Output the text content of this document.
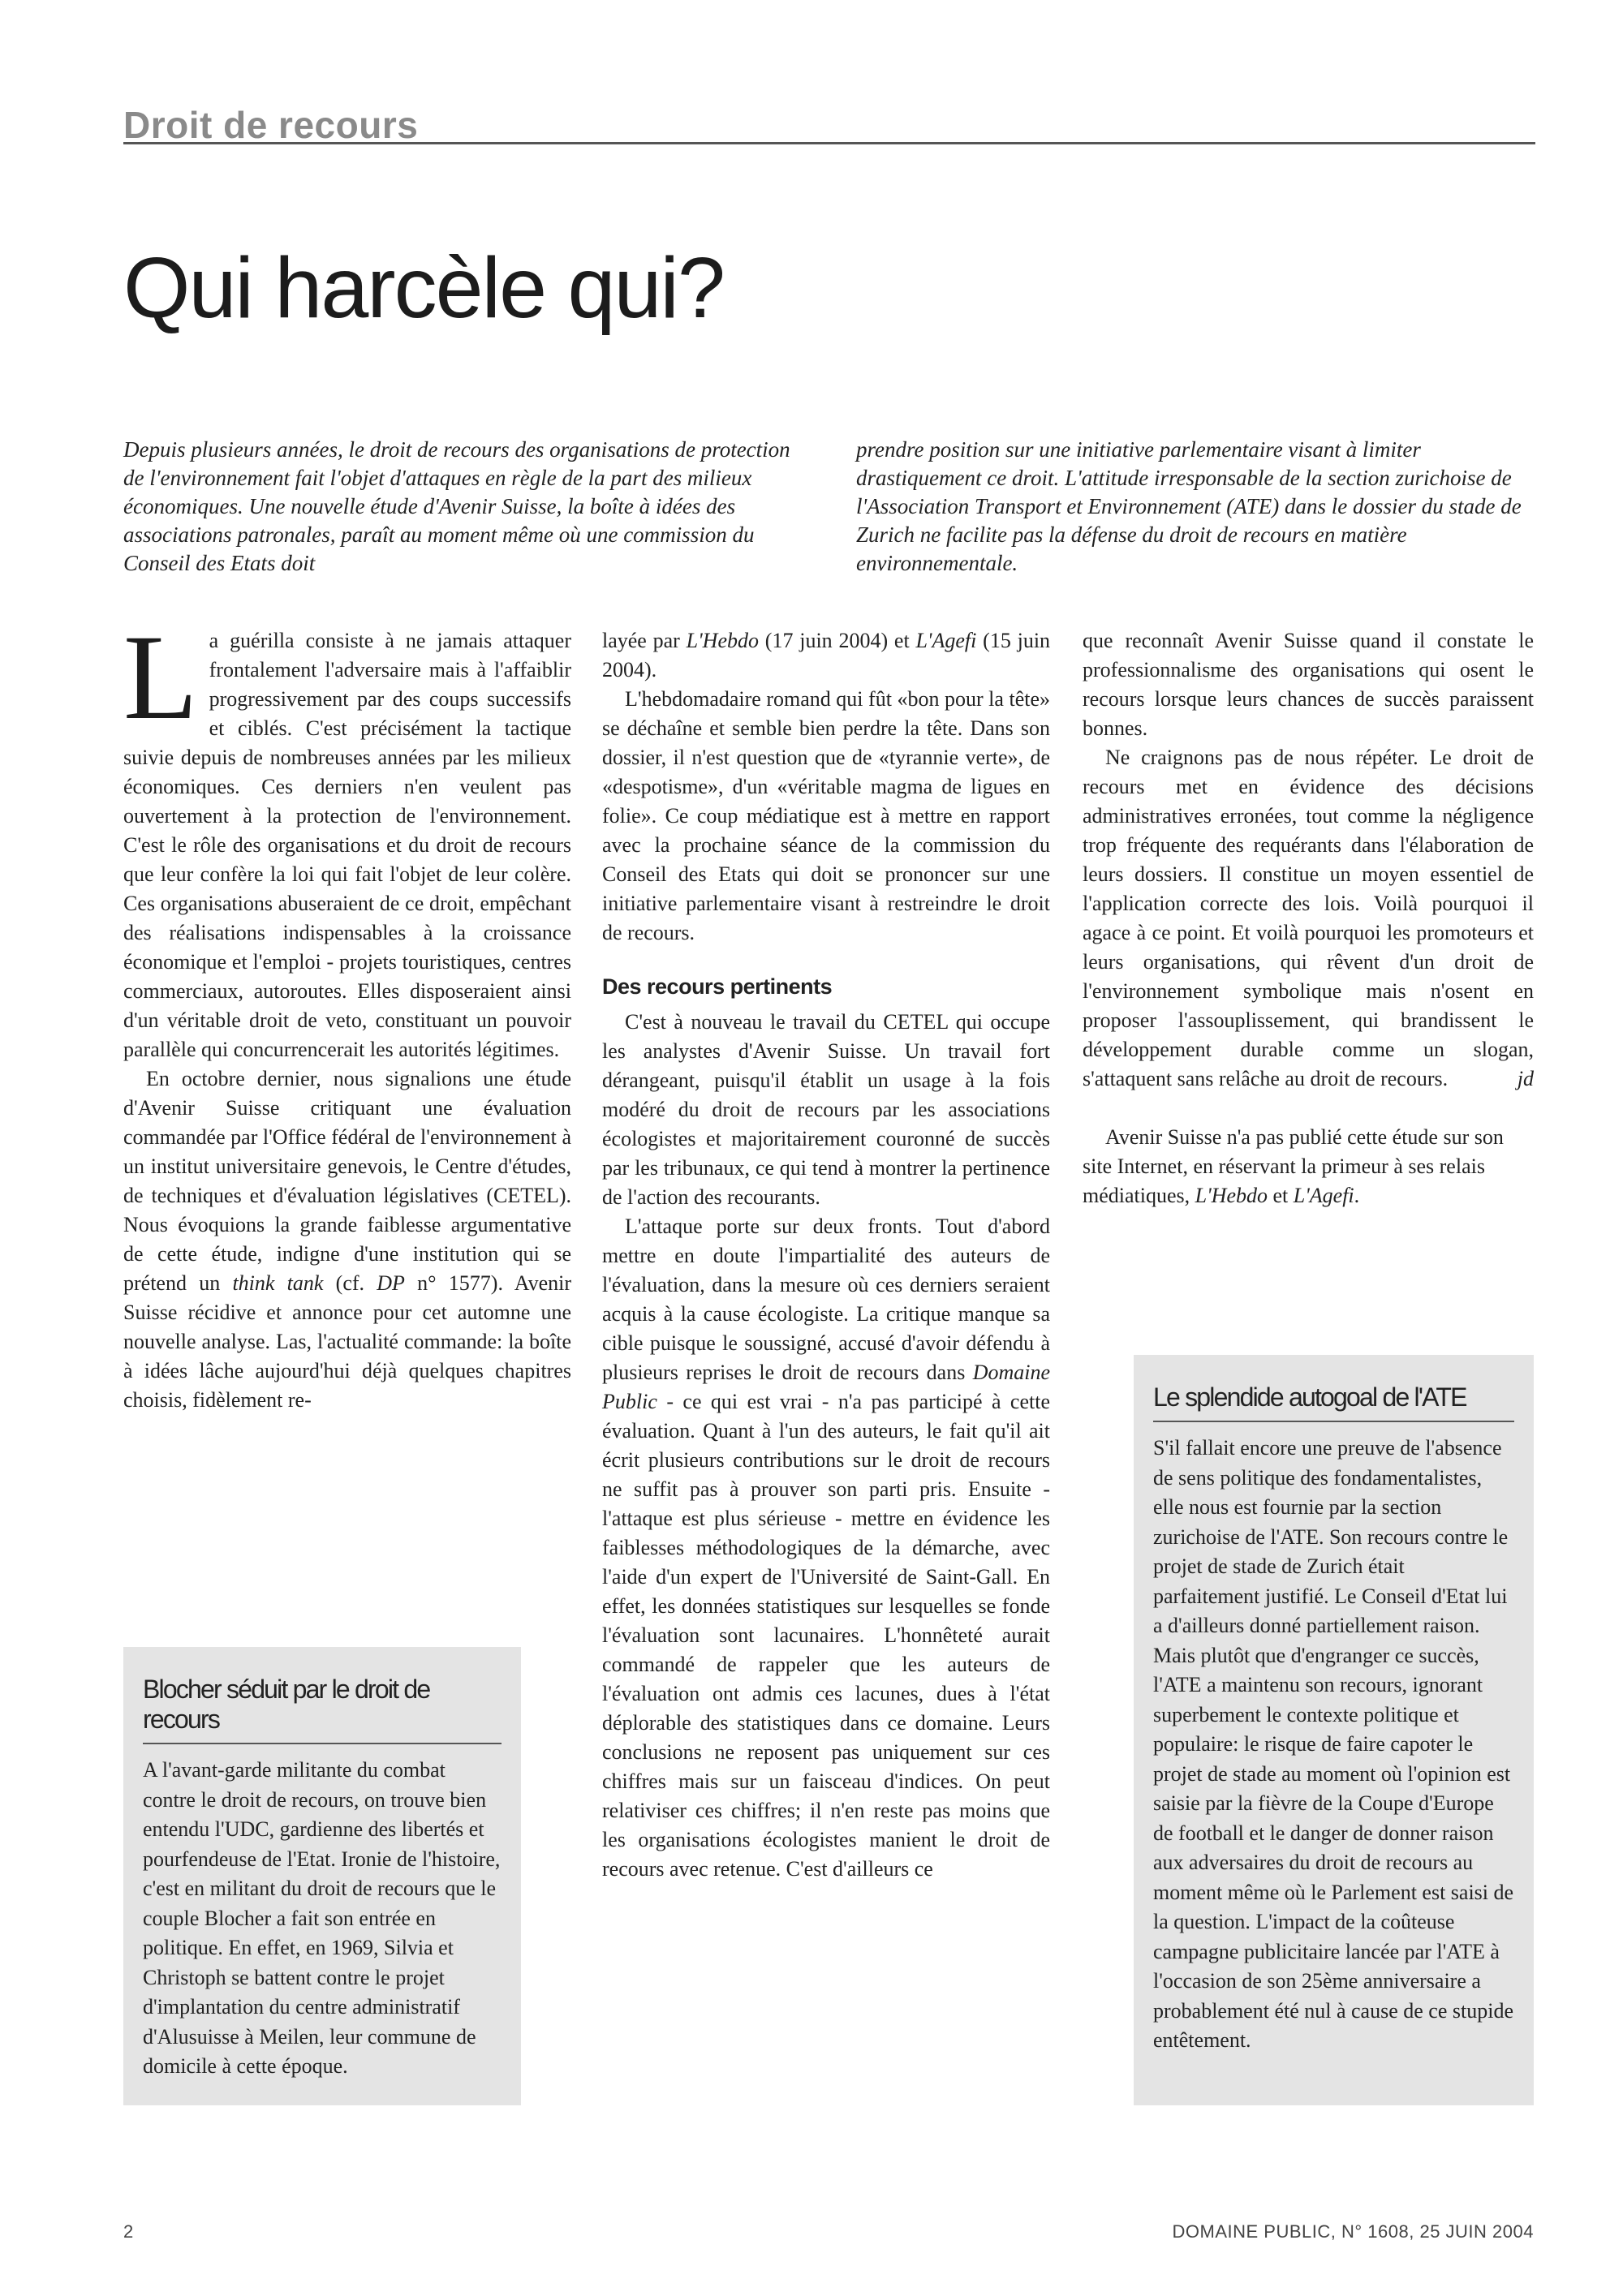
Droit de recours
Qui harcèle qui?

Depuis plusieurs années, le droit de recours des organisations de protection de l'environnement fait l'objet d'attaques en règle de la part des milieux économiques. Une nouvelle étude d'Avenir Suisse, la boîte à idées des associations patronales, paraît au moment même où une commission du Conseil des Etats doit

prendre position sur une initiative parlementaire visant à limiter drastiquement ce droit. L'attitude irresponsable de la section zurichoise de l'Association Transport et Environnement (ATE) dans le dossier du stade de Zurich ne facilite pas la défense du droit de recours en matière environnementale.

La guérilla consiste à ne jamais attaquer frontalement l'adversaire mais à l'affaiblir progressivement par des coups successifs et ciblés. C'est précisément la tactique suivie depuis de nombreuses années par les milieux économiques. Ces derniers n'en veulent pas ouvertement à la protection de l'environnement. C'est le rôle des organisations et du droit de recours que leur confère la loi qui fait l'objet de leur colère. Ces organisations abuseraient de ce droit, empêchant des réalisations indispensables à la croissance économique et l'emploi - projets touristiques, centres commerciaux, autoroutes. Elles disposeraient ainsi d'un véritable droit de veto, constituant un pouvoir parallèle qui concurrencerait les autorités légitimes.

En octobre dernier, nous signalions une étude d'Avenir Suisse critiquant une évaluation commandée par l'Office fédéral de l'environnement à un institut universitaire genevois, le Centre d'études, de techniques et d'évaluation législatives (CETEL). Nous évoquions la grande faiblesse argumentative de cette étude, indigne d'une institution qui se prétend un think tank (cf. DP n° 1577). Avenir Suisse récidive et annonce pour cet automne une nouvelle analyse. Las, l'actualité commande: la boîte à idées lâche aujourd'hui déjà quelques chapitres choisis, fidèlement re-

layée par L'Hebdo (17 juin 2004) et L'Agefi (15 juin 2004).

L'hebdomadaire romand qui fût «bon pour la tête» se déchaîne et semble bien perdre la tête. Dans son dossier, il n'est question que de «tyrannie verte», de «despotisme», d'un «véritable magma de ligues en folie». Ce coup médiatique est à mettre en rapport avec la prochaine séance de la commission du Conseil des Etats qui doit se prononcer sur une initiative parlementaire visant à restreindre le droit de recours.

Des recours pertinents

C'est à nouveau le travail du CETEL qui occupe les analystes d'Avenir Suisse. Un travail fort dérangeant, puisqu'il établit un usage à la fois modéré du droit de recours par les associations écologistes et majoritairement couronné de succès par les tribunaux, ce qui tend à montrer la pertinence de l'action des recourants.

L'attaque porte sur deux fronts. Tout d'abord mettre en doute l'impartialité des auteurs de l'évaluation, dans la mesure où ces derniers seraient acquis à la cause écologiste. La critique manque sa cible puisque le soussigné, accusé d'avoir défendu à plusieurs reprises le droit de recours dans Domaine Public - ce qui est vrai - n'a pas participé à cette évaluation. Quant à l'un des auteurs, le fait qu'il ait écrit plusieurs contributions sur le droit de recours ne suffit pas à prouver son parti pris. Ensuite - l'attaque est plus sérieuse - mettre en évidence les faiblesses méthodologiques de la démarche, avec l'aide d'un expert de l'Université de Saint-Gall. En effet, les données statistiques sur lesquelles se fonde l'évaluation sont lacunaires. L'honnêteté aurait commandé de rappeler que les auteurs de l'évaluation ont admis ces lacunes, dues à l'état déplorable des statistiques dans ce domaine. Leurs conclusions ne reposent pas uniquement sur ces chiffres mais sur un faisceau d'indices. On peut relativiser ces chiffres; il n'en reste pas moins que les organisations écologistes manient le droit de recours avec retenue. C'est d'ailleurs ce

que reconnaît Avenir Suisse quand il constate le professionnalisme des organisations qui osent le recours lorsque leurs chances de succès paraissent bonnes.

Ne craignons pas de nous répéter. Le droit de recours met en évidence des décisions administratives erronées, tout comme la négligence trop fréquente des requérants dans l'élaboration de leurs dossiers. Il constitue un moyen essentiel de l'application correcte des lois. Voilà pourquoi il agace à ce point. Et voilà pourquoi les promoteurs et leurs organisations, qui rêvent d'un droit de l'environnement symbolique mais n'osent en proposer l'assouplissement, qui brandissent le développement durable comme un slogan, s'attaquent sans relâche au droit de recours.	jd

Avenir Suisse n'a pas publié cette étude sur son site Internet, en réservant la primeur à ses relais médiatiques, L'Hebdo et L'Agefi.

Blocher séduit par le droit de recours

A l'avant-garde militante du combat contre le droit de recours, on trouve bien entendu l'UDC, gardienne des libertés et pourfendeuse de l'Etat. Ironie de l'histoire, c'est en militant du droit de recours que le couple Blocher a fait son entrée en politique. En effet, en 1969, Silvia et Christoph se battent contre le projet d'implantation du centre administratif d'Alusuisse à Meilen, leur commune de domicile à cette époque.

Le splendide autogoal de l'ATE

S'il fallait encore une preuve de l'absence de sens politique des fondamentalistes, elle nous est fournie par la section zurichoise de l'ATE. Son recours contre le projet de stade de Zurich était parfaitement justifié. Le Conseil d'Etat lui a d'ailleurs donné partiellement raison. Mais plutôt que d'engranger ce succès, l'ATE a maintenu son recours, ignorant superbement le contexte politique et populaire: le risque de faire capoter le projet de stade au moment où l'opinion est saisie par la fièvre de la Coupe d'Europe de football et le danger de donner raison aux adversaires du droit de recours au moment même où le Parlement est saisi de la question. L'impact de la coûteuse campagne publicitaire lancée par l'ATE à l'occasion de son 25ème anniversaire a probablement été nul à cause de ce stupide entêtement.

2	DOMAINE PUBLIC, N° 1608, 25 JUIN 2004
